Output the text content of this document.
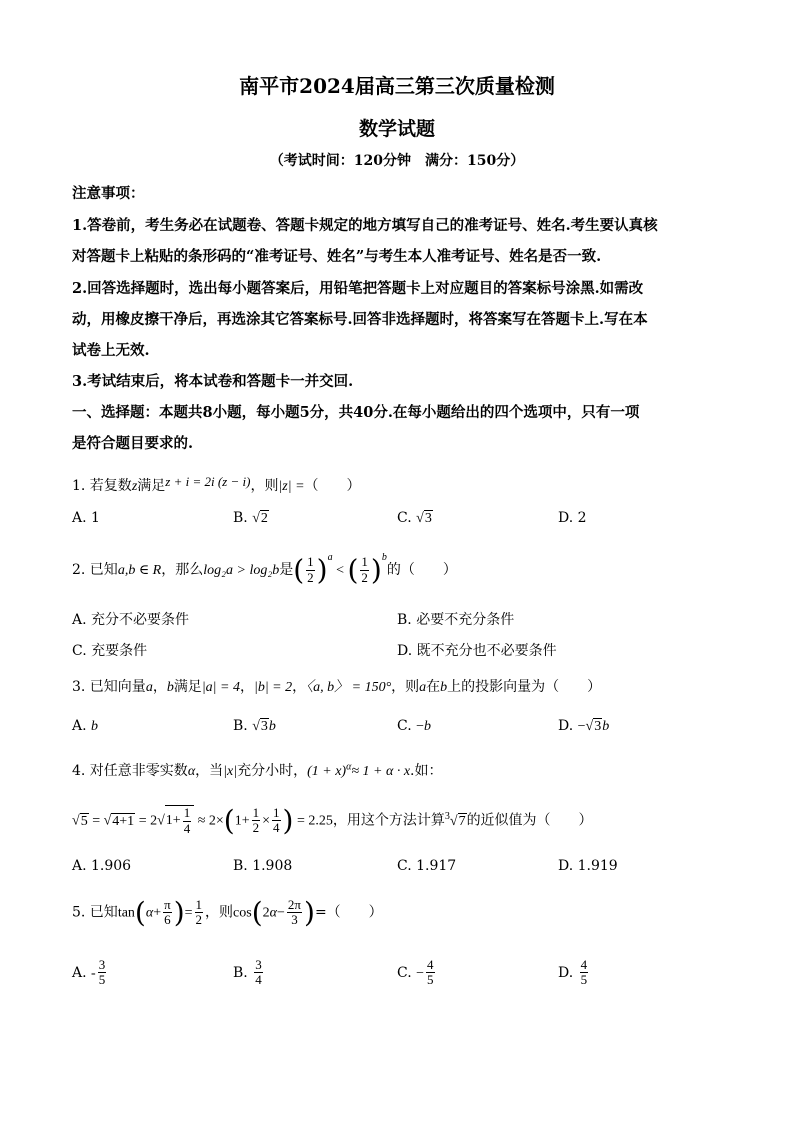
南平市2024届高三第三次质量检测
数学试题
（考试时间：120分钟　满分：150分）
注意事项：
1.答卷前，考生务必在试题卷、答题卡规定的地方填写自己的准考证号、姓名.考生要认真核
对答题卡上粘贴的条形码的“准考证号、姓名”与考生本人准考证号、姓名是否一致.
2.回答选择题时，选出每小题答案后，用铅笔把答题卡上对应题目的答案标号涂黑.如需改
动，用橡皮擦干净后，再选涂其它答案标号.回答非选择题时，将答案写在答题卡上.写在本
试卷上无效.
3.考试结束后，将本试卷和答题卡一并交回.
一、选择题：本题共8小题，每小题5分，共40分.在每小题给出的四个选项中，只有一项
是符合题目要求的.
1. 若复数z满足z + i = 2i (z − i)，则|z| =（　　）
A. 1	B. √2	C. √3	D. 2
2. 已知a,b ∈ R，那么log₂a > log₂b是( $\frac{1}{2} )^a$ < ( $\frac{1}{2} )^b$的（　　）
A. 充分不必要条件	B. 必要不充分条件
C. 充要条件	D. 既不充分也不必要条件
3. 已知向量a，b满足|a| = 4，|b| = 2，〈a, b〉 = 150°，则a在b上的投影向量为（　　）
A. b	B. √3b	C. −b	D. −√3b
4. 对任意非零实数α，当|x|充分小时，$(1 + x)^\alpha\approx 1 + \alpha \cdot x$.如：
$√5 = √4+1 = 2√1+ \frac{1}{4} \approx 2\times(1+ \frac{1}{2} \times \frac{1}{4}$ ) = 2.25，用这个方法计算$^3$√7的近似值为（　　）
A. 1.906	B. 1.908	C. 1.917	D. 1.919
5. 已知$\tan(\alpha+ \frac{\pi}{6}$ )= $\frac{1}{2}$ ，则$\cos(2\alpha- \frac{2\pi}{3}$ )=（　　）
A. - $\frac{3}{5}$	B. $\frac{3}{4}$	C. − $\frac{4}{5}$	D. $\frac{4}{5}$
